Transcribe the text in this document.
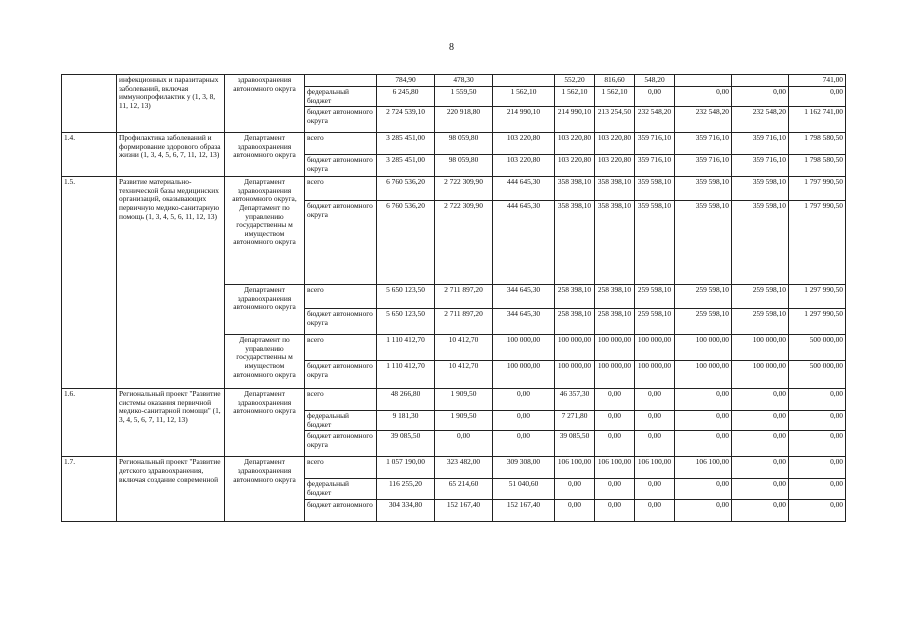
8
	инфекционных и паразитарных заболеваний, включая иммунопрофилактик у (1, 3, 8, 11, 12, 13)	здравоохранения автономного округа		784,90	478,30		552,20	816,60	548,20			741,00
			федеральный бюджет	6 245,80	1 559,50	1 562,10	1 562,10	1 562,10	0,00	0,00	0,00	0,00
			бюджет автономного округа	2 724 539,10	220 918,80	214 990,10	214 990,10	213 254,50	232 548,20	232 548,20	232 548,20	1 162 741,00
1.4.	Профилактика заболеваний и формирование здорового образа жизни (1, 3, 4, 5, 6, 7, 11, 12, 13)	Департамент здравоохранения автономного округа	всего	3 285 451,00	98 059,80	103 220,80	103 220,80	103 220,80	359 716,10	359 716,10	359 716,10	1 798 580,50
			бюджет автономного округа	3 285 451,00	98 059,80	103 220,80	103 220,80	103 220,80	359 716,10	359 716,10	359 716,10	1 798 580,50
1.5.	Развитие материально-технической базы медицинских организаций, оказывающих первичную медико-санитарную помощь (1, 3, 4, 5, 6, 11, 12, 13)	Департамент здравоохранения автономного округа, Департамент по управлению государственны м имуществом автономного округа	всего	6 760 536,20	2 722 309,90	444 645,30	358 398,10	358 398,10	359 598,10	359 598,10	359 598,10	1 797 990,50
			бюджет автономного округа	6 760 536,20	2 722 309,90	444 645,30	358 398,10	358 398,10	359 598,10	359 598,10	359 598,10	1 797 990,50
		Департамент здравоохранения автономного округа	всего	5 650 123,50	2 711 897,20	344 645,30	258 398,10	258 398,10	259 598,10	259 598,10	259 598,10	1 297 990,50
			бюджет автономного округа	5 650 123,50	2 711 897,20	344 645,30	258 398,10	258 398,10	259 598,10	259 598,10	259 598,10	1 297 990,50
		Департамент по управлению государственны м имуществом автономного округа	всего	1 110 412,70	10 412,70	100 000,00	100 000,00	100 000,00	100 000,00	100 000,00	100 000,00	500 000,00
			бюджет автономного округа	1 110 412,70	10 412,70	100 000,00	100 000,00	100 000,00	100 000,00	100 000,00	100 000,00	500 000,00
1.6.	Региональный проект "Развитие системы оказания первичной медико-санитарной помощи" (1, 3, 4, 5, 6, 7, 11, 12, 13)	Департамент здравоохранения автономного округа	всего	48 266,80	1 909,50	0,00	46 357,30	0,00	0,00	0,00	0,00	0,00
			федеральный бюджет	9 181,30	1 909,50	0,00	7 271,80	0,00	0,00	0,00	0,00	0,00
			бюджет автономного округа	39 085,50	0,00	0,00	39 085,50	0,00	0,00	0,00	0,00	0,00
1.7.	Региональный проект "Развитие детского здравоохранения, включая создание современной	Департамент здравоохранения автономного округа	всего	1 057 190,00	323 482,00	309 308,00	106 100,00	106 100,00	106 100,00	106 100,00	0,00	0,00
			федеральный бюджет	116 255,20	65 214,60	51 040,60	0,00	0,00	0,00	0,00	0,00	0,00
			бюджет автономного	304 334,80	152 167,40	152 167,40	0,00	0,00	0,00	0,00	0,00	0,00
